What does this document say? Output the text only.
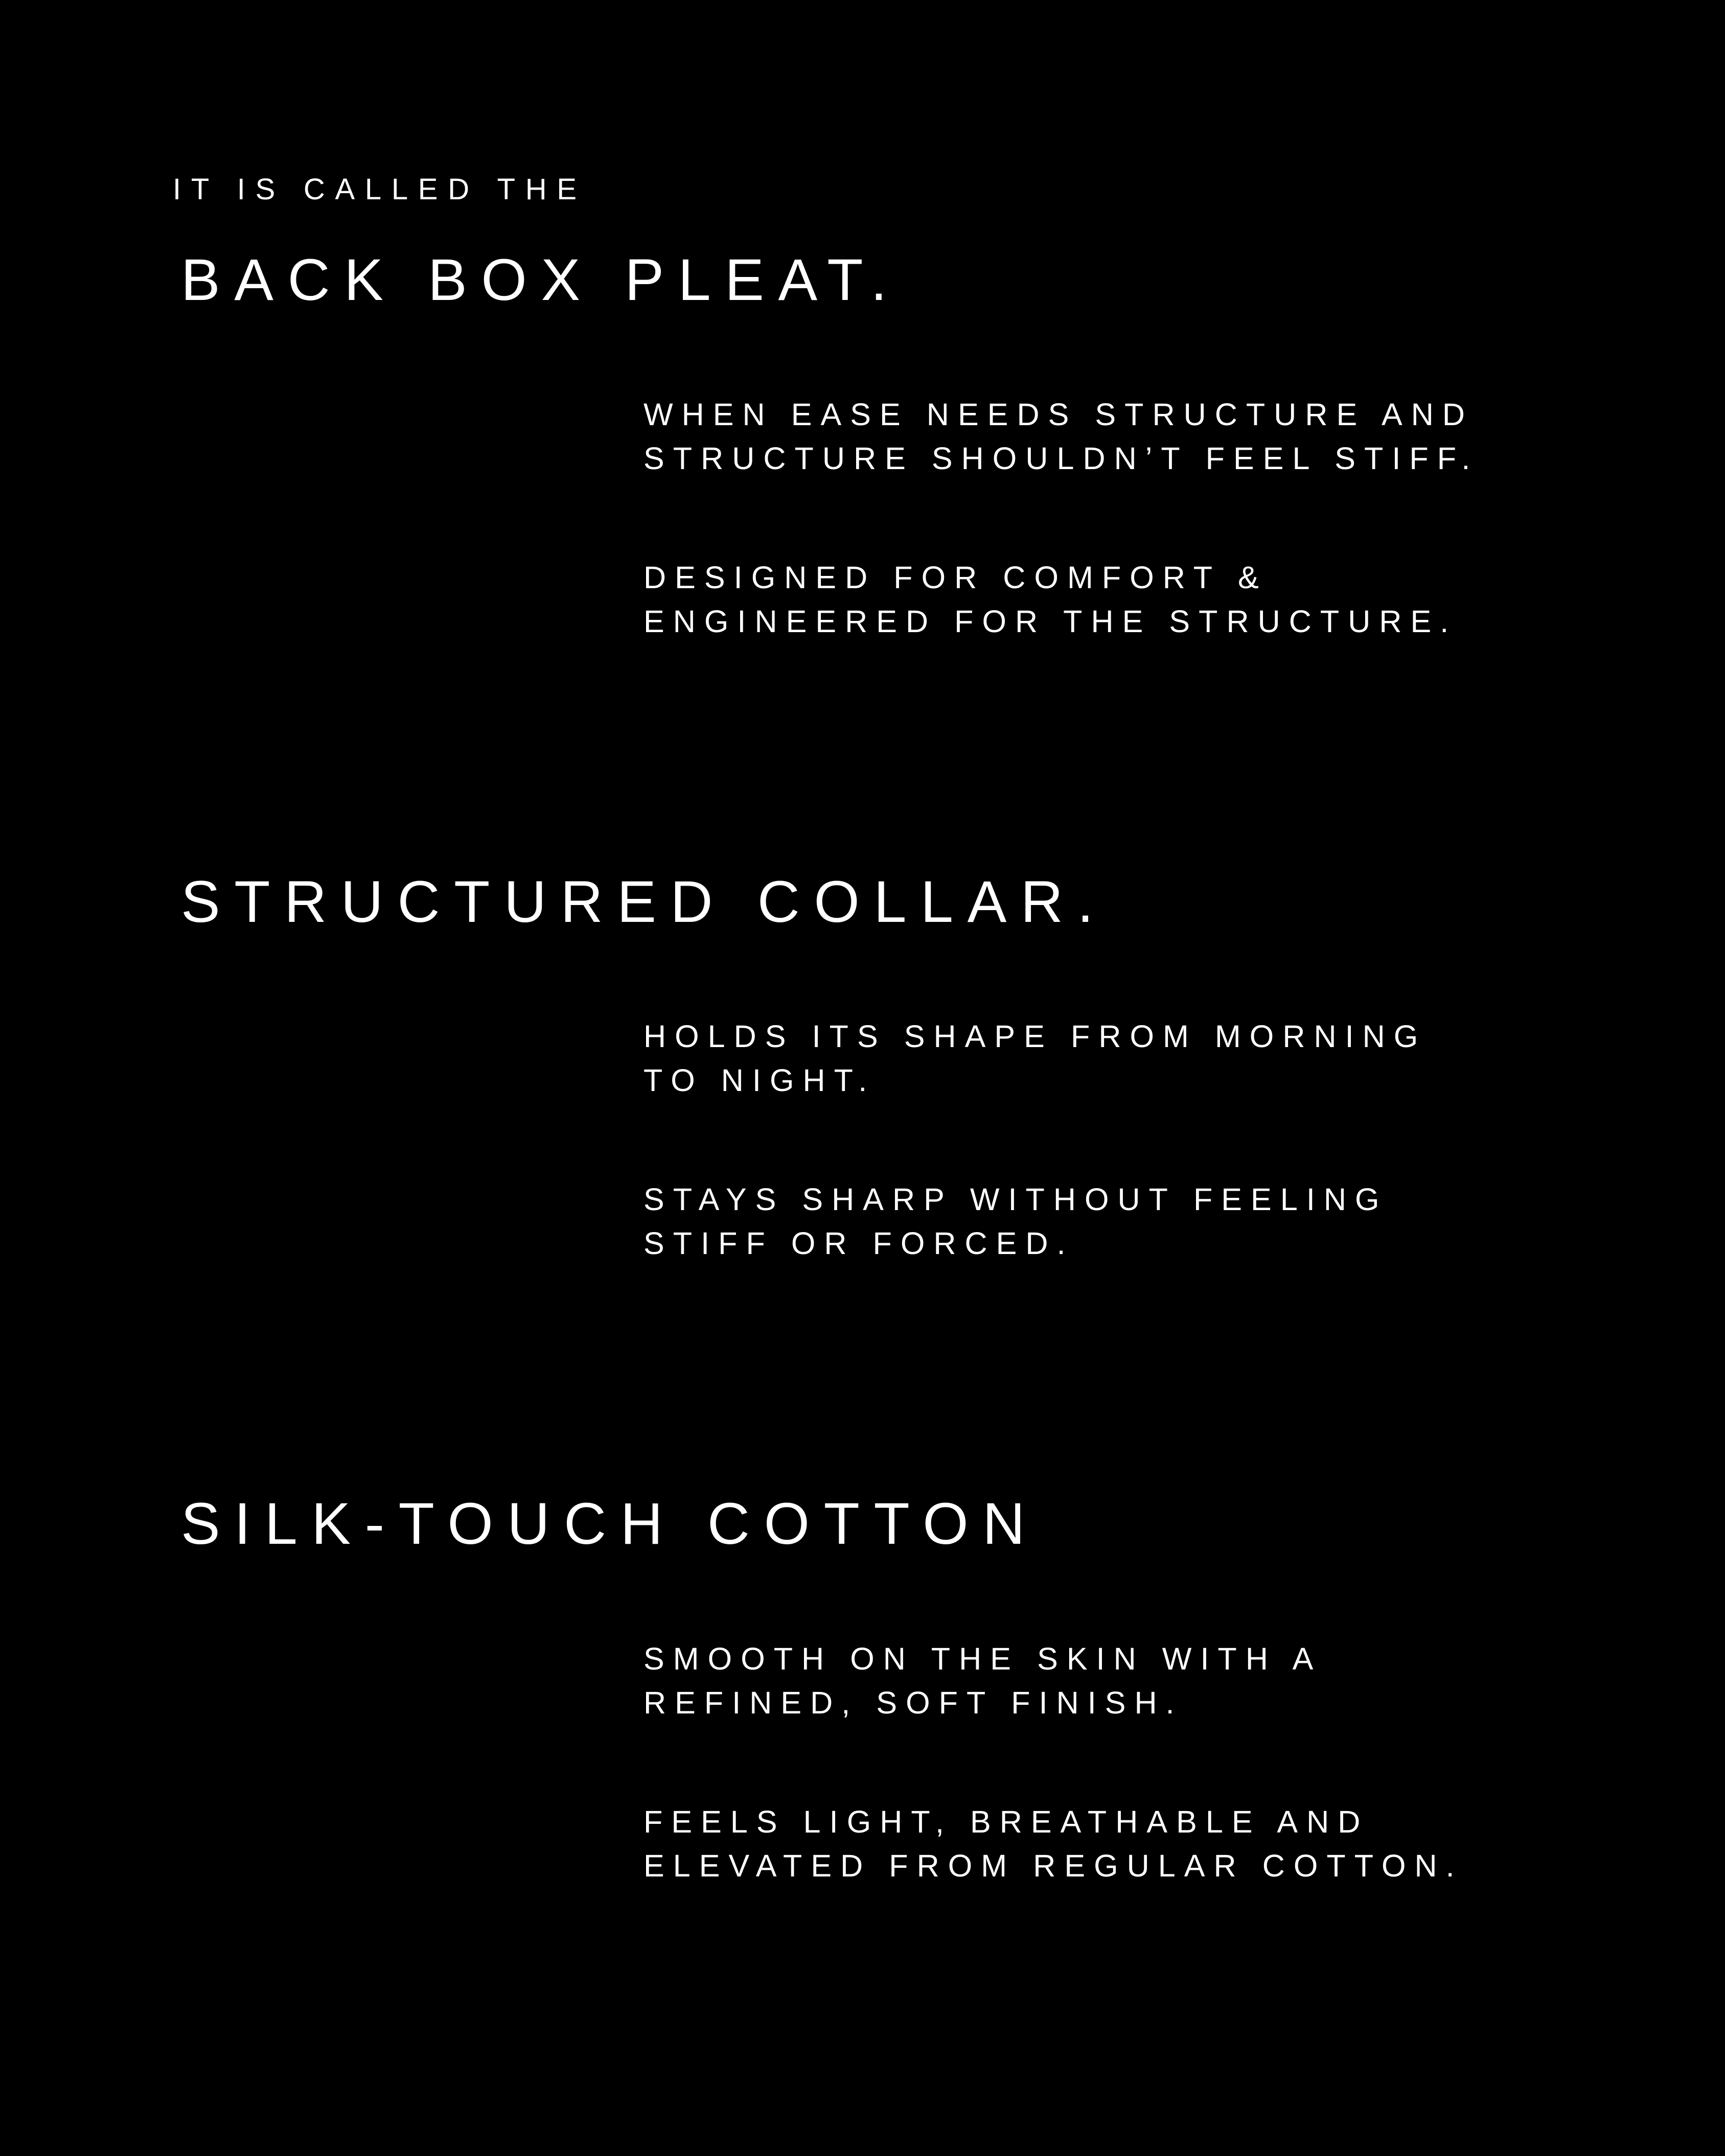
IT IS CALLED THE

BACK BOX PLEAT.

WHEN EASE NEEDS STRUCTURE AND
STRUCTURE SHOULDN’T FEEL STIFF.

DESIGNED FOR COMFORT &
ENGINEERED FOR THE STRUCTURE.

STRUCTURED COLLAR.

HOLDS ITS SHAPE FROM MORNING
TO NIGHT.

STAYS SHARP WITHOUT FEELING
STIFF OR FORCED.

SILK-TOUCH COTTON

SMOOTH ON THE SKIN WITH A
REFINED, SOFT FINISH.

FEELS LIGHT, BREATHABLE AND
ELEVATED FROM REGULAR COTTON.
